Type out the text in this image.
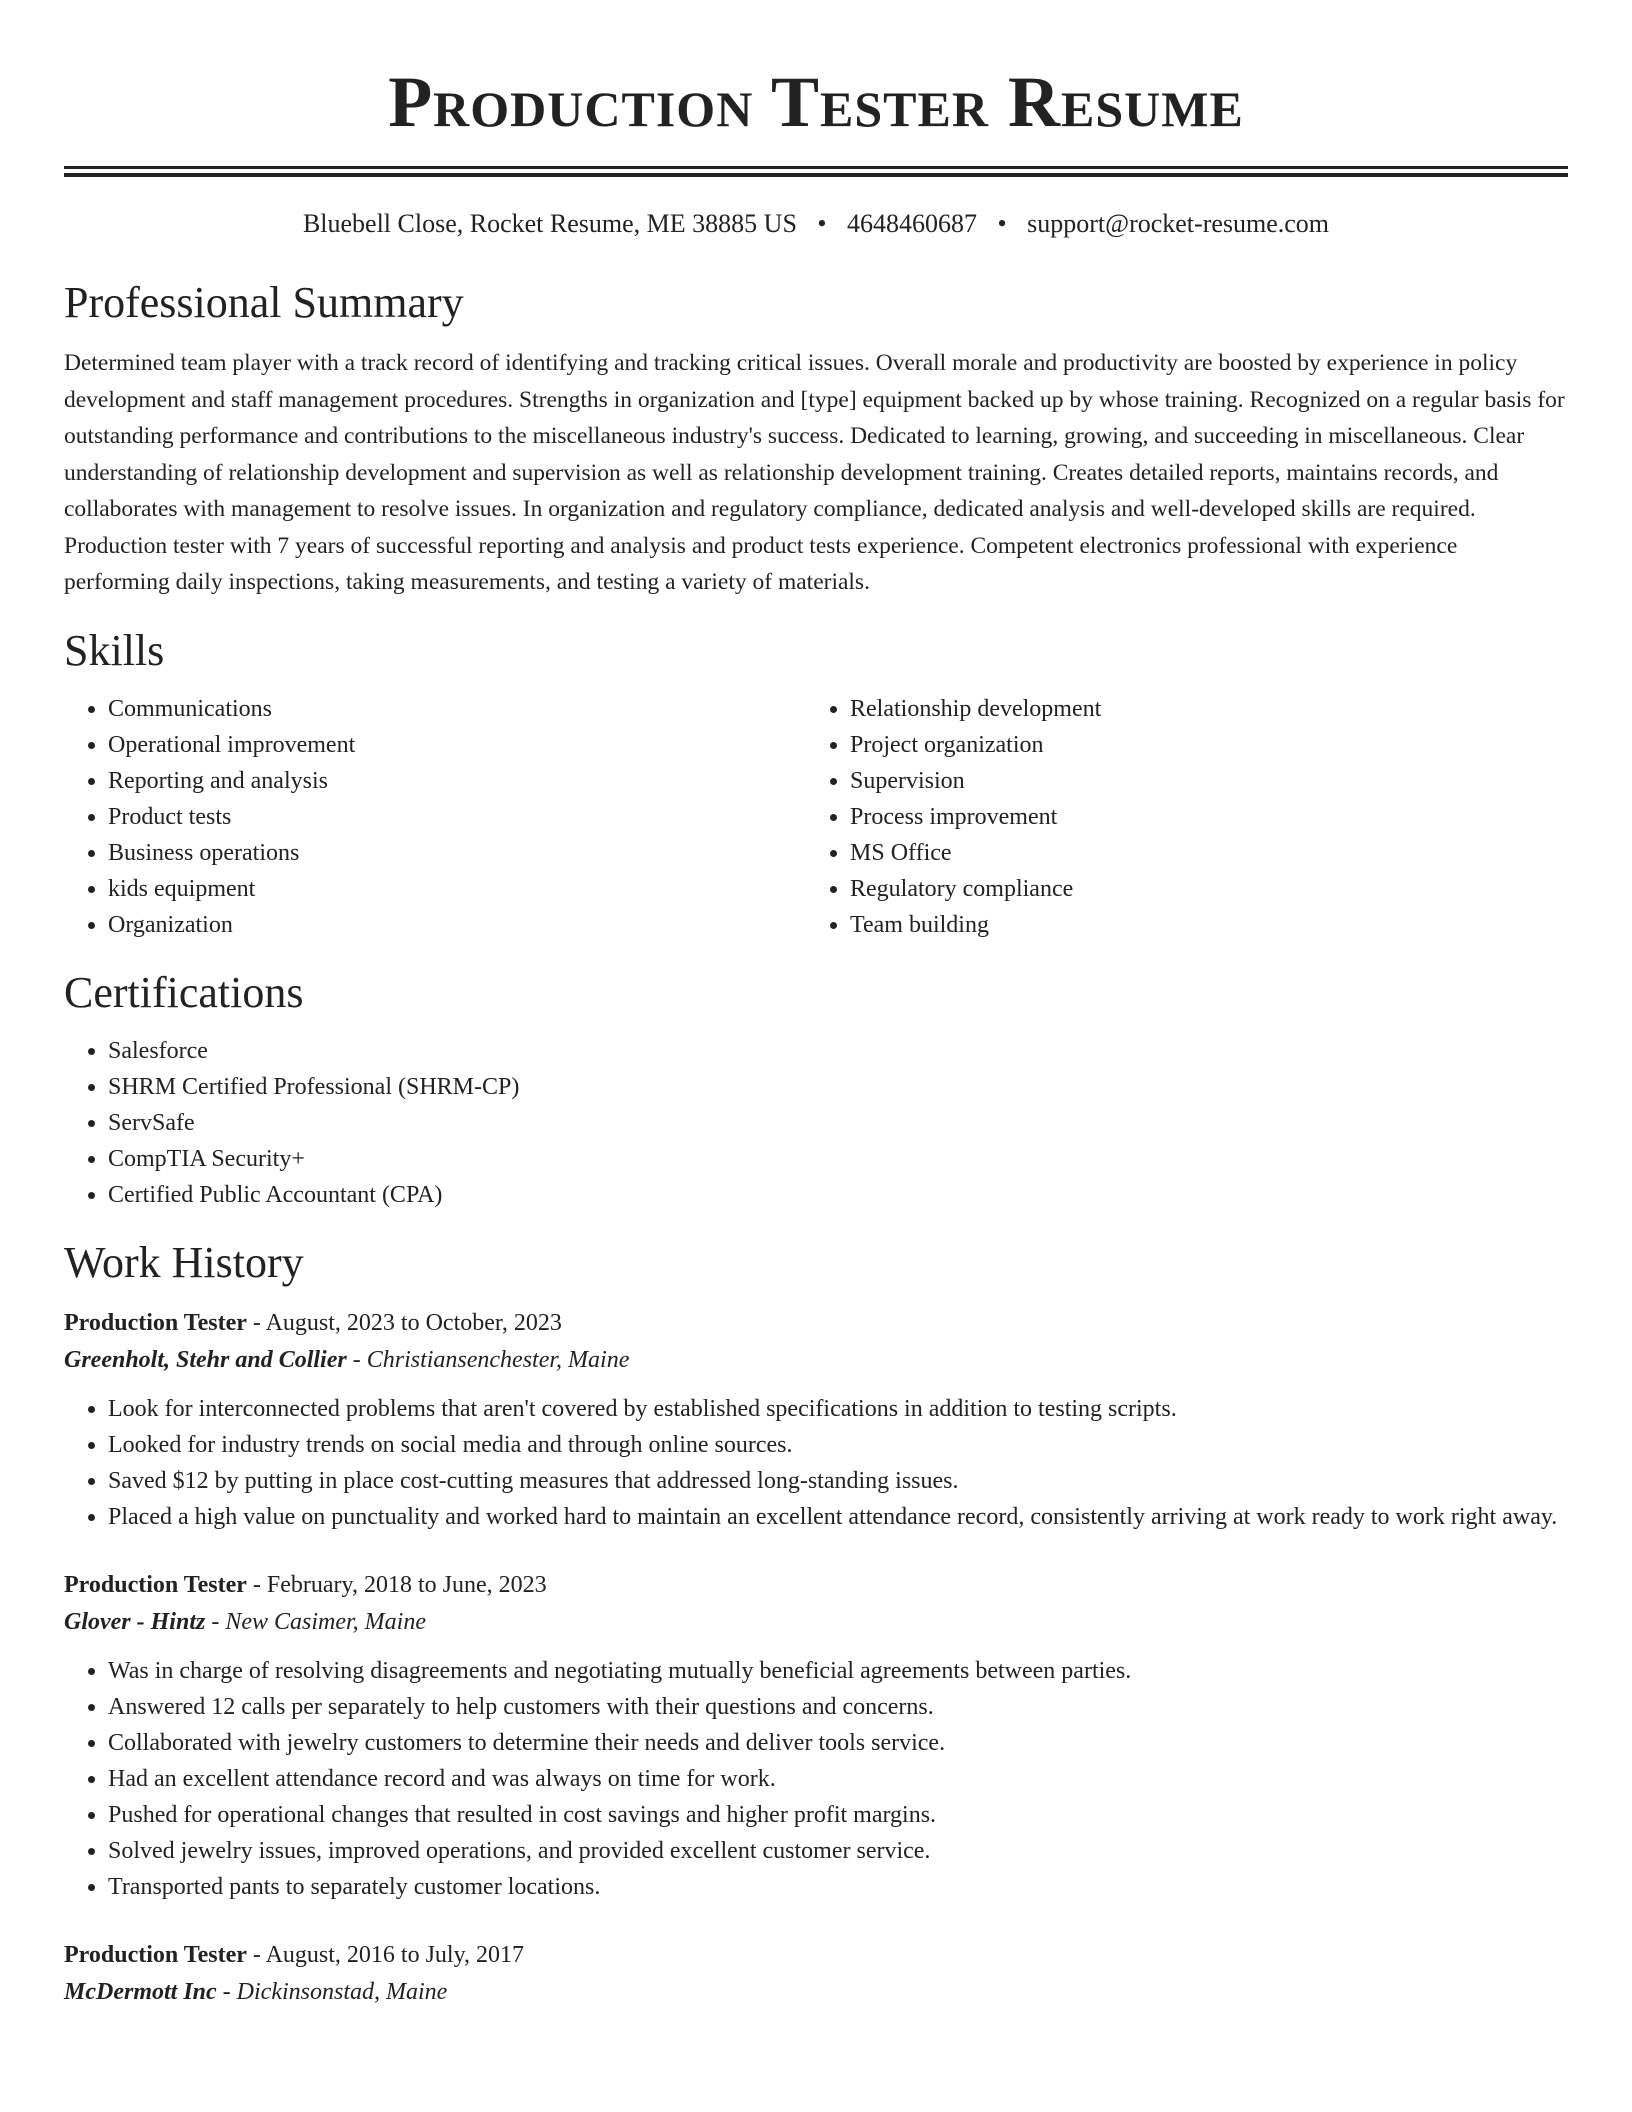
Production Tester Resume
Bluebell Close, Rocket Resume, ME 38885 US • 4648460687 • support@rocket-resume.com
Professional Summary

Determined team player with a track record of identifying and tracking critical issues. Overall morale and productivity are boosted by experience in policy development and staff management procedures. Strengths in organization and [type] equipment backed up by whose training. Recognized on a regular basis for outstanding performance and contributions to the miscellaneous industry's success. Dedicated to learning, growing, and succeeding in miscellaneous. Clear understanding of relationship development and supervision as well as relationship development training. Creates detailed reports, maintains records, and collaborates with management to resolve issues. In organization and regulatory compliance, dedicated analysis and well-developed skills are required. Production tester with 7 years of successful reporting and analysis and product tests experience. Competent electronics professional with experience performing daily inspections, taking measurements, and testing a variety of materials.

Skills
• Communications
• Operational improvement
• Reporting and analysis
• Product tests
• Business operations
• kids equipment
• Organization
• Relationship development
• Project organization
• Supervision
• Process improvement
• MS Office
• Regulatory compliance
• Team building
Certifications
• Salesforce
• SHRM Certified Professional (SHRM-CP)
• ServSafe
• CompTIA Security+
• Certified Public Accountant (CPA)
Work History
Production Tester - August, 2023 to October, 2023
Greenholt, Stehr and Collier - Christiansenchester, Maine
• Look for interconnected problems that aren't covered by established specifications in addition to testing scripts.
• Looked for industry trends on social media and through online sources.
• Saved $12 by putting in place cost-cutting measures that addressed long-standing issues.
• Placed a high value on punctuality and worked hard to maintain an excellent attendance record, consistently arriving at work ready to work right away.
Production Tester - February, 2018 to June, 2023
Glover - Hintz - New Casimer, Maine
• Was in charge of resolving disagreements and negotiating mutually beneficial agreements between parties.
• Answered 12 calls per separately to help customers with their questions and concerns.
• Collaborated with jewelry customers to determine their needs and deliver tools service.
• Had an excellent attendance record and was always on time for work.
• Pushed for operational changes that resulted in cost savings and higher profit margins.
• Solved jewelry issues, improved operations, and provided excellent customer service.
• Transported pants to separately customer locations.
Production Tester - August, 2016 to July, 2017
McDermott Inc - Dickinsonstad, Maine
